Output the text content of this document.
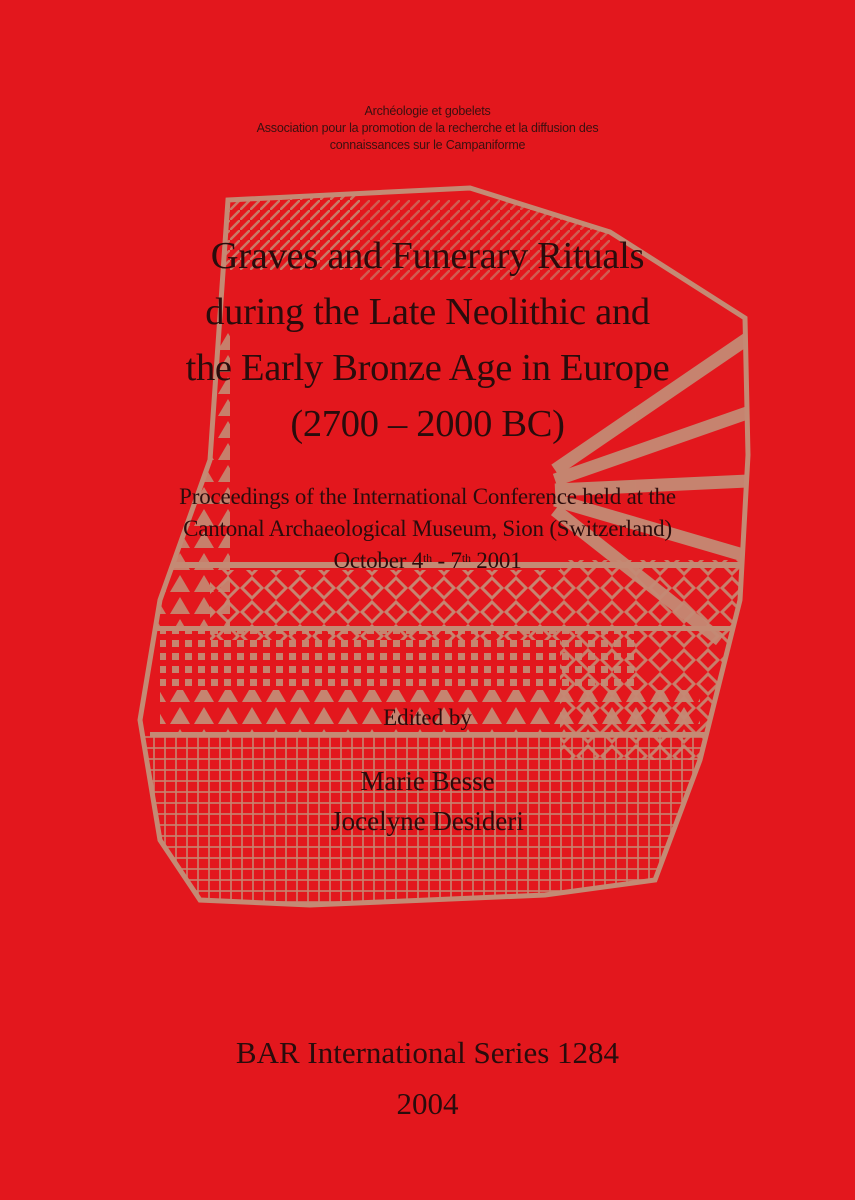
Archéologie et gobelets
Association pour la promotion de la recherche et la diffusion des
connaissances sur le Campaniforme
Graves and Funerary Rituals
during the Late Neolithic and
the Early Bronze Age in Europe
(2700 – 2000 BC)
Proceedings of the International Conference held at the
Cantonal Archaeological Museum, Sion (Switzerland)
October 4th - 7th 2001
Edited by
Marie Besse
Jocelyne Desideri
BAR International Series 1284
2004
